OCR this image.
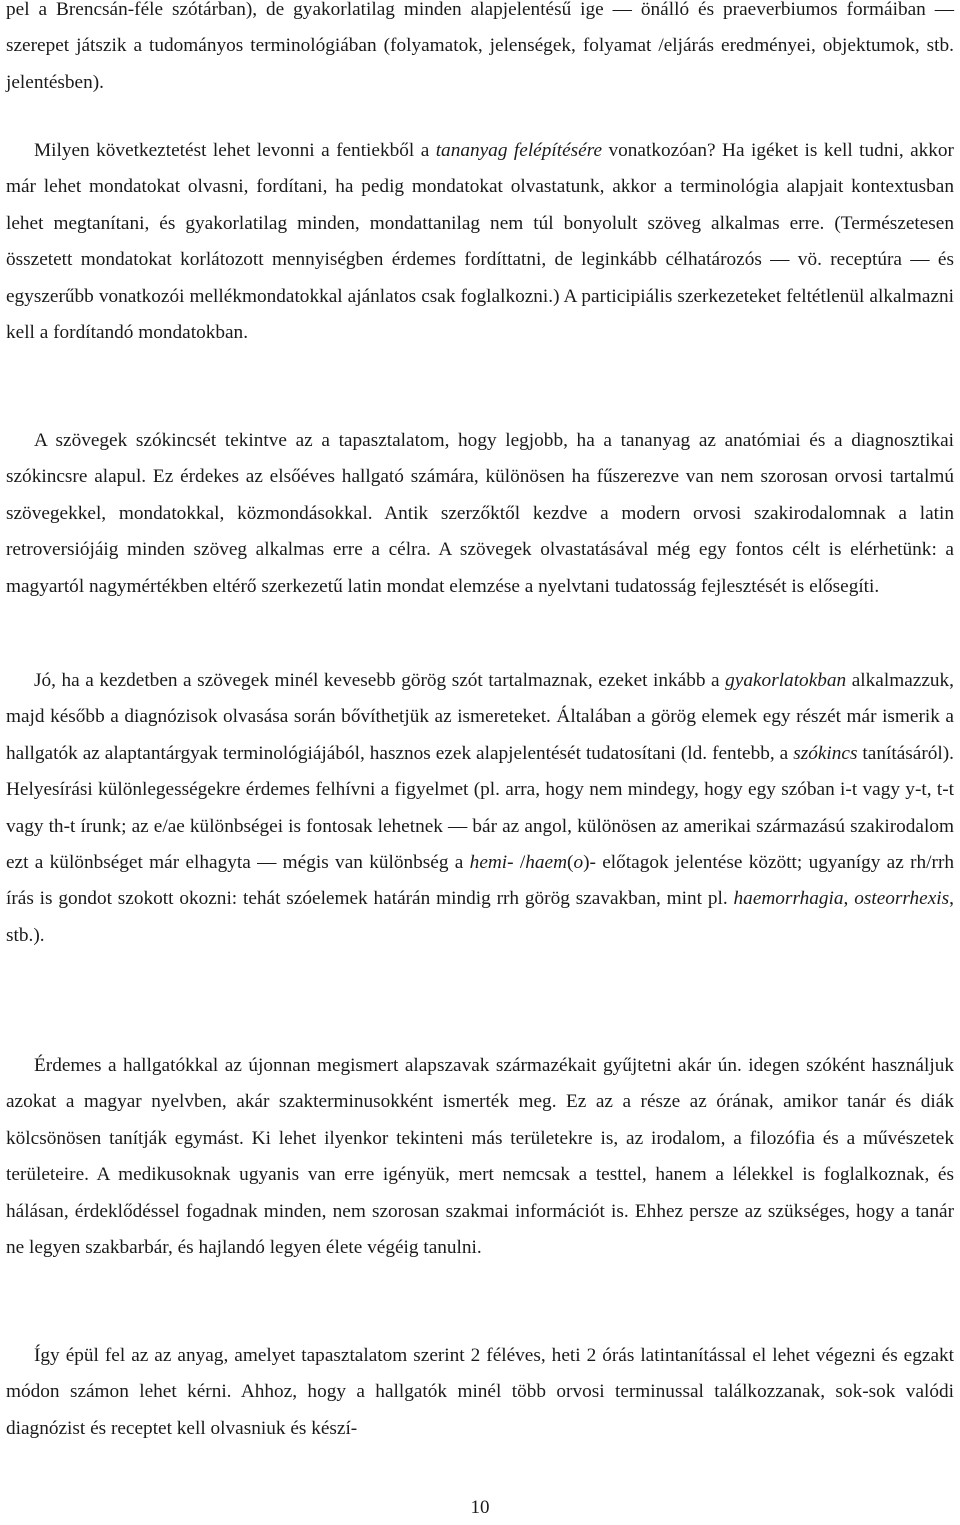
pel a Brencsán-féle szótárban), de gyakorlatilag minden alapjelentésű ige — önálló és praeverbiumos formáiban — szerepet játszik a tudományos terminológiában (folyamatok, jelenségek, folyamat /eljárás eredményei, objektumok, stb. jelentésben).

Milyen következtetést lehet levonni a fentiekből a tananyag felépítésére vonatkozóan? Ha igéket is kell tudni, akkor már lehet mondatokat olvasni, fordítani, ha pedig mondatokat olvastatunk, akkor a terminológia alapjait kontextusban lehet megtanítani, és gyakorlatilag minden, mondattanilag nem túl bonyolult szöveg alkalmas erre. (Természetesen összetett mondatokat korlátozott mennyiségben érdemes fordíttatni, de leginkább célhatározós — vö. receptúra — és egyszerűbb vonatkozói mellékmondatokkal ajánlatos csak foglalkozni.) A participiális szerkezeteket feltétlenül alkalmazni kell a fordítandó mondatokban.

A szövegek szókincsét tekintve az a tapasztalatom, hogy legjobb, ha a tananyag az anatómiai és a diagnosztikai szókincsre alapul. Ez érdekes az elsőéves hallgató számára, különösen ha fűszerezve van nem szorosan orvosi tartalmú szövegekkel, mondatokkal, közmondásokkal. Antik szerzőktől kezdve a modern orvosi szakirodalomnak a latin retroversiójáig minden szöveg alkalmas erre a célra. A szövegek olvastatásával még egy fontos célt is elérhetünk: a magyartól nagymértékben eltérő szerkezetű latin mondat elemzése a nyelvtani tudatosság fejlesztését is elősegíti.

Jó, ha a kezdetben a szövegek minél kevesebb görög szót tartalmaznak, ezeket inkább a gyakorlatokban alkalmazzuk, majd később a diagnózisok olvasása során bővíthetjük az ismereteket. Általában a görög elemek egy részét már ismerik a hallgatók az alaptantárgyak terminológiájából, hasznos ezek alapjelentését tudatosítani (ld. fentebb, a szókincs tanításáról). Helyesírási különlegességekre érdemes felhívni a figyelmet (pl. arra, hogy nem mindegy, hogy egy szóban i-t vagy y-t, t-t vagy th-t írunk; az e/ae különbségei is fontosak lehetnek — bár az angol, különösen az amerikai származású szakirodalom ezt a különbséget már elhagyta — mégis van különbség a hemi- /haem(o)- előtagok jelentése között; ugyanígy az rh/rrh írás is gondot szokott okozni: tehát szóelemek határán mindig rrh görög szavakban, mint pl. haemorrhagia, osteorrhexis, stb.).

Érdemes a hallgatókkal az újonnan megismert alapszavak származékait gyűjtetni akár ún. idegen szóként használjuk azokat a magyar nyelvben, akár szakterminusokként ismerték meg. Ez az a része az órának, amikor tanár és diák kölcsönösen tanítják egymást. Ki lehet ilyenkor tekinteni más területekre is, az irodalom, a filozófia és a művészetek területeire. A medikusoknak ugyanis van erre igényük, mert nemcsak a testtel, hanem a lélekkel is foglalkoznak, és hálásan, érdeklődéssel fogadnak minden, nem szorosan szakmai információt is. Ehhez persze az szükséges, hogy a tanár ne legyen szakbarbár, és hajlandó legyen élete végéig tanulni.

Így épül fel az az anyag, amelyet tapasztalatom szerint 2 féléves, heti 2 órás latintanítással el lehet végezni és egzakt módon számon lehet kérni. Ahhoz, hogy a hallgatók minél több orvosi terminussal találkozzanak, sok-sok valódi diagnózist és receptet kell olvasniuk és készí-

10
